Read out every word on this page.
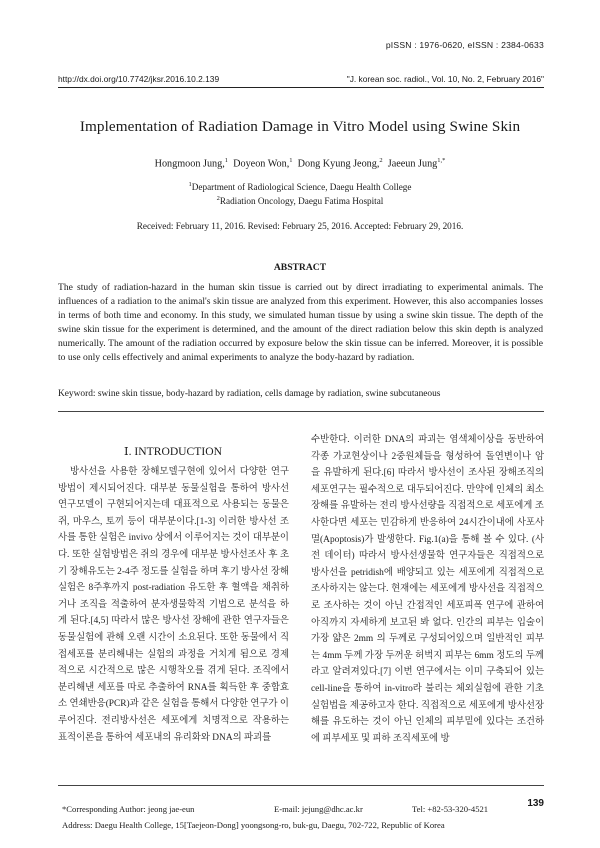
pISSN : 1976-0620, eISSN : 2384-0633
http://dx.doi.org/10.7742/jksr.2016.10.2.139	"J. korean soc. radiol., Vol. 10, No. 2, February 2016"
Implementation of Radiation Damage in Vitro Model using Swine Skin
Hongmoon Jung,$^1$ Doyeon Won,$^1$ Dong Kyung Jeong,$^2$ Jaeeun Jung$^{1,*}$
$^1$Department of Radiological Science, Daegu Health College
$^2$Radiation Oncology, Daegu Fatima Hospital
Received: February 11, 2016. Revised: February 25, 2016. Accepted: February 29, 2016.
ABSTRACT
The study of radiation-hazard in the human skin tissue is carried out by direct irradiating to experimental animals. The influences of a radiation to the animal's skin tissue are analyzed from this experiment. However, this also accompanies losses in terms of both time and economy. In this study, we simulated human tissue by using a swine skin tissue. The depth of the swine skin tissue for the experiment is determined, and the amount of the direct radiation below this skin depth is analyzed numerically. The amount of the radiation occurred by exposure below the skin tissue can be inferred. Moreover, it is possible to use only cells effectively and animal experiments to analyze the body-hazard by radiation.
Keyword: swine skin tissue, body-hazard by radiation, cells damage by radiation, swine subcutaneous
Ⅰ. INTRODUCTION

방사선을 사용한 장해모델구현에 있어서 다양한 연구 방법이 제시되어진다. 대부분 동물실험을 통하여 방사선 연구모델이 구현되어지는데 대표적으로 사용되는 동물은 쥐, 마우스, 토끼 등이 대부분이다.[1-3] 이러한 방사선 조사를 통한 실험은 invivo 상에서 이루어지는 것이 대부분이다. 또한 실험방법은 쥐의 경우에 대부분 방사선조사 후 초기 장해유도는 2-4주 정도를 실험을 하며 후기 방사선 장해 실험은 8주후까지 post-radiation 유도한 후 혈액을 채취하거나 조직을 적출하여 분자생물학적 기법으로 분석을 하게 된다.[4,5] 따라서 많은 방사선 장해에 관한 연구자들은 동물실험에 관해 오랜 시간이 소요된다. 또한 동물에서 직접세포를 분리해내는 실험의 과정을 거치게 됨으로 경제적으로 시간적으로 많은 시행착오를 겪게 된다. 조직에서 분리해낸 세포를 따로 추출하여 RNA를 획득한 후 중합효소 연쇄반응(PCR)과 같은 실험을 통해서 다양한 연구가 이루어진다. 전리방사선은 세포에게 치명적으로 작용하는 표적이론을 통하여 세포내의 유리화와 DNA의 파괴를

수반한다. 이러한 DNA의 파괴는 염색체이상을 동반하여 각종 가교현상이나 2중원체들을 형성하여 돌연변이나 암을 유발하게 된다.[6] 따라서 방사선이 조사된 장해조직의 세포연구는 필수적으로 대두되어진다. 만약에 인체의 최소 장해를 유발하는 전리 방사선량을 직접적으로 세포에게 조사한다면 세포는 민감하게 반응하여 24시간이내에 사포사멸(Apoptosis)가 발생한다. Fig.1(a)을 통해 볼 수 있다. (사전 데이터) 따라서 방사선생물학 연구자들은 직접적으로 방사선을 petridish에 배양되고 있는 세포에게 직접적으로 조사하지는 않는다. 현재에는 세포에게 방사선을 직접적으로 조사하는 것이 아닌 간접적인 세포피폭 연구에 관하여 아직까지 자세하게 보고된 봐 없다. 인간의 피부는 입술이 가장 얇은 2mm 의 두께로 구성되어있으며 일반적인 피부는 4mm 두께 가장 두꺼운 허벅지 피부는 6mm 정도의 두께라고 알려져있다.[7] 이번 연구에서는 이미 구축되어 있는 cell-line을 통하여 in-vitro라 불리는 체외실험에 관한 기초실험법을 제공하고자 한다. 직접적으로 세포에게 방사선장해를 유도하는 것이 아닌 인체의 피부밑에 있다는 조건하에 피부세포 및 피하 조직세포에 방

139
*Corresponding Author: jeong jae-eun	E-mail: jejung@dhc.ac.kr	Tel: +82-53-320-4521
Address: Daegu Health College, 15[Taejeon-Dong] yoongsong-ro, buk-gu, Daegu, 702-722, Republic of Korea
